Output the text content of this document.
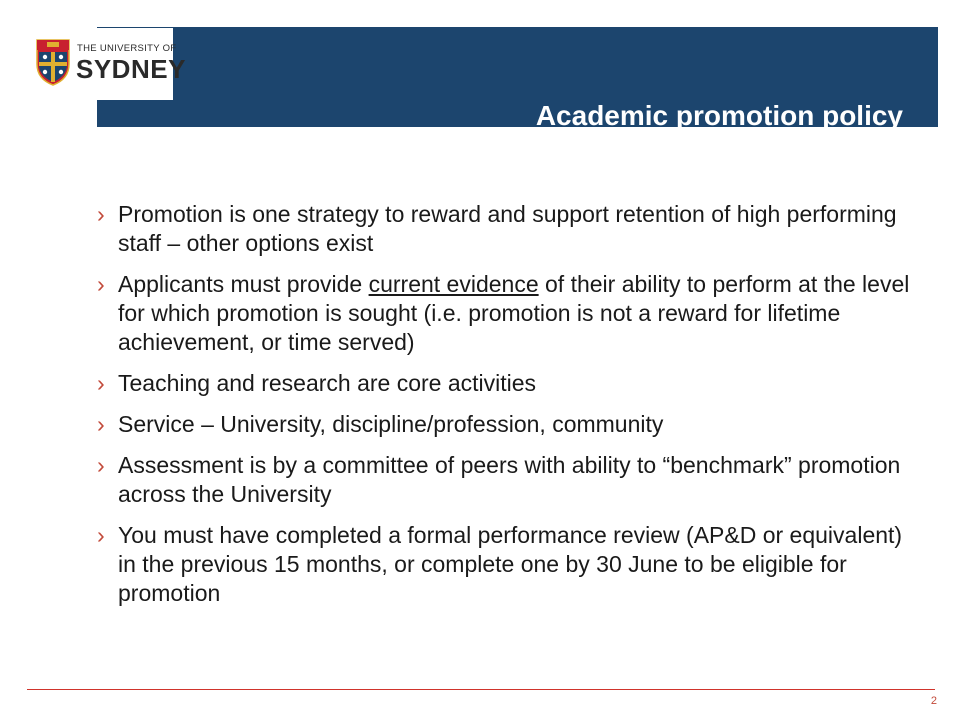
Academic promotion policy
THE UNIVERSITY OF
SYDNEY
› Promotion is one strategy to reward and support retention of high performing staff – other options exist
› Applicants must provide current evidence of their ability to perform at the level for which promotion is sought (i.e. promotion is not a reward for lifetime achievement, or time served)
› Teaching and research are core activities
› Service – University, discipline/profession, community
› Assessment is by a committee of peers with ability to “benchmark” promotion across the University
› You must have completed a formal performance review (AP&D or equivalent) in the previous 15 months, or complete one by 30 June to be eligible for promotion
2
